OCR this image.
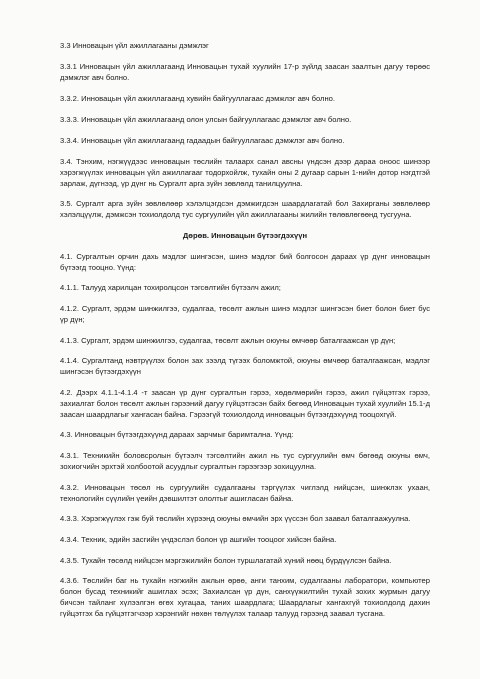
3.3 Инновацын үйл ажиллагааны дэмжлэг

3.3.1 Инновацын үйл ажиллагаанд Инновацын тухай хуулийн 17-р зүйлд заасан заалтын дагуу төрөөс дэмжлэг авч болно.

3.3.2. Инновацын үйл ажиллагаанд хувийн байгууллагаас дэмжлэг авч болно.

3.3.3. Инновацын үйл ажиллагаанд олон улсын байгууллагаас дэмжлэг авч болно.

3.3.4. Инновацын үйл ажиллагаанд гадаадын байгууллагаас дэмжлэг авч болно.

3.4. Тэнхим, нэгжүүдээс инновацын төслийн талаарх санал авсны үндсэн дээр дараа оноос шинээр хэрэгжүүлэх инновацын үйл ажиллагааг тодорхойлж, тухайн оны 2 дугаар сарын 1-нийн дотор нэгдтгэй зарлаж, дүгнээд, үр дүнг нь Сургалт арга зүйн зөвлөлд танилцуулна.

3.5. Сургалт арга зүйн зөвлөлөөр хэлэлцэгдсэн дэмжигдсэн шаардлагатай бол Захирганы зөвлөлөөр хэлэлцүүлж, дэмжсэн тохиолдолд тус сургуулийн үйл ажиллагааны жилийн төлөвлөгөөнд тусгууна.

Дөрөв. Инновацын бүтээгдэхүүн

4.1. Сургалтын орчин дахь мэдлэг шингэсэн, шинэ мэдлэг бий болгосон дараах үр дүнг инновацын бүтээгд тооцно. Үүнд:

4.1.1. Талууд харилцан тохиролцсон тэгсөлтийн бүтээлч ажил;

4.1.2. Сургалт, эрдэм шинжилгээ, судалгаа, төсөлт ажлын шинэ мэдлэг шингэсэн биет болон биет бус үр дүн;

4.1.3. Сургалт, эрдэм шинжилгээ, судалгаа, төсөлт ажлын оюуны өмчөөр баталгаажсан үр дүн;

4.1.4. Сургалтанд нэвтрүүлэх болон зах зээлд түгээх боломжтой, оюуны өмчөөр баталгаажсан, мэдлэг шингэсэн бүтээгдэхүүн

4.2. Дээрх 4.1.1-4.1.4 -т заасан үр дүнг сургалтын гэрээ, хөдөлмөрийн гэрээ, ажил гүйцэтгэх гэрээ, захиалгат болон төсөлт ажлын гэрээний дагуу гүйцэтгэсэн байх бөгөөд Инновацын тухай хуулийн 15.1-д заасан шаардлагыг хангасан байна. Гэрээгүй тохиолдолд инновацын бүтээгдэхүүнд тооцохгүй.

4.3. Инновацын бүтээгдэхүүнд дараах зарчмыг баримтална. Үүнд:

4.3.1. Техникийн боловсролын бүтээлч тэгсөлтийн ажил нь тус сургуулийн өмч бөгөөд оюуны өмч, зохиогчийн эрхтэй холбоотой асуудлыг сургалтын гэрээгээр зохицуулна.

4.3.2. Инновацын төсөл нь сургуулийн судалгааны тэргүүлэх чиглэлд нийцсэн, шинжлэх ухаан, технологийн сүүлийн үеийн дэвшилтэт ололтыг ашигласан байна.

4.3.3. Хэрэгжүүлэх гэж буй төслийн хүрээнд оюуны өмчийн эрх үүссэн бол заавал баталгаажуулна.

4.3.4. Техник, эдийн засгийн үндэслэл болон үр ашгийн тооцоог хийсэн байна.

4.3.5. Тухайн төсөлд нийцсэн мэргэжилийн болон туршлагатай хүний нөөц бүрдүүлсэн байна.

4.3.6. Төслийн баг нь тухайн нэгжийн ажлын өрөө, анги танхим, судалгааны лаборатори, компьютер болон бусад техникийг ашиглах эсэх; Захиалсан үр дүн, санхүүжилтийн тухай зохих журмын дагуу бичсэн тайланг хүлээлгэн өгөх хугацаа, таних шаардлага; Шаардлагыг хангахгүй тохиолдолд дахин гүйцэтгэх ба гүйцэтгэгчээр хэрэнгийг нөхөн төлүүлэх талаар талууд гэрээнд заавал тусгана.
